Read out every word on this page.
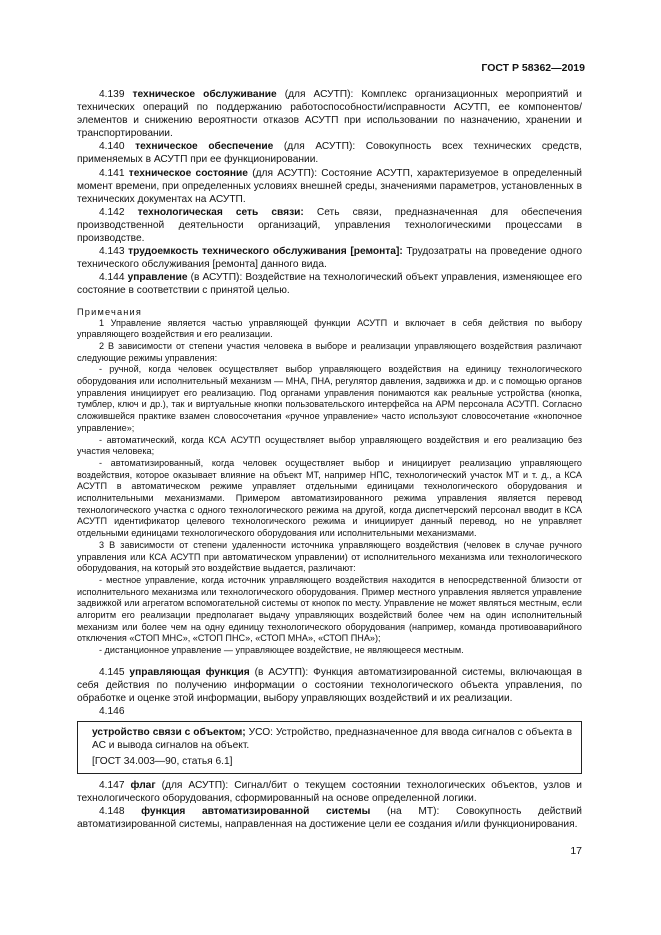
ГОСТ Р 58362—2019

4.139 техническое обслуживание (для АСУТП): Комплекс организационных мероприятий и технических операций по поддержанию работоспособности/исправности АСУТП, ее компонентов/элементов и снижению вероятности отказов АСУТП при использовании по назначению, хранении и транспортировании.

4.140 техническое обеспечение (для АСУТП): Совокупность всех технических средств, применяемых в АСУТП при ее функционировании.

4.141 техническое состояние (для АСУТП): Состояние АСУТП, характеризуемое в определенный момент времени, при определенных условиях внешней среды, значениями параметров, установленных в технических документах на АСУТП.

4.142 технологическая сеть связи: Сеть связи, предназначенная для обеспечения производственной деятельности организаций, управления технологическими процессами в производстве.

4.143 трудоемкость технического обслуживания [ремонта]: Трудозатраты на проведение одного технического обслуживания [ремонта] данного вида.

4.144 управление (в АСУТП): Воздействие на технологический объект управления, изменяющее его состояние в соответствии с принятой целью.

Примечания

1 Управление является частью управляющей функции АСУТП и включает в себя действия по выбору управляющего воздействия и его реализации.

2 В зависимости от степени участия человека в выборе и реализации управляющего воздействия различают следующие режимы управления:

- ручной, когда человек осуществляет выбор управляющего воздействия на единицу технологического оборудования или исполнительный механизм — МНА, ПНА, регулятор давления, задвижка и др. и с помощью органов управления инициирует его реализацию. Под органами управления понимаются как реальные устройства (кнопка, тумблер, ключ и др.), так и виртуальные кнопки пользовательского интерфейса на АРМ персонала АСУТП. Согласно сложившейся практике взамен словосочетания «ручное управление» часто используют словосочетание «кнопочное управление»;

- автоматический, когда КСА АСУТП осуществляет выбор управляющего воздействия и его реализацию без участия человека;

- автоматизированный, когда человек осуществляет выбор и инициирует реализацию управляющего воздействия, которое оказывает влияние на объект МТ, например НПС, технологический участок МТ и т. д., а КСА АСУТП в автоматическом режиме управляет отдельными единицами технологического оборудования и исполнительными механизмами. Примером автоматизированного режима управления является перевод технологического участка с одного технологического режима на другой, когда диспетчерский персонал вводит в КСА АСУТП идентификатор целевого технологического режима и инициирует данный перевод, но не управляет отдельными единицами технологического оборудования или исполнительными механизмами.

3 В зависимости от степени удаленности источника управляющего воздействия (человек в случае ручного управления или КСА АСУТП при автоматическом управлении) от исполнительного механизма или технологического оборудования, на который это воздействие выдается, различают:

- местное управление, когда источник управляющего воздействия находится в непосредственной близости от исполнительного механизма или технологического оборудования. Пример местного управления является управление задвижкой или агрегатом вспомогательной системы от кнопок по месту. Управление не может являться местным, если алгоритм его реализации предполагает выдачу управляющих воздействий более чем на один исполнительный механизм или более чем на одну единицу технологического оборудования (например, команда противоаварийного отключения «СТОП МНС», «СТОП ПНС», «СТОП МНА», «СТОП ПНА»);

- дистанционное управление — управляющее воздействие, не являющееся местным.

4.145 управляющая функция (в АСУТП): Функция автоматизированной системы, включающая в себя действия по получению информации о состоянии технологического объекта управления, по обработке и оценке этой информации, выбору управляющих воздействий и их реализации.

4.146

устройство связи с объектом; УСО: Устройство, предназначенное для ввода сигналов с объекта в АС и вывода сигналов на объект.

[ГОСТ 34.003—90, статья 6.1]

4.147 флаг (для АСУТП): Сигнал/бит о текущем состоянии технологических объектов, узлов и технологического оборудования, сформированный на основе определенной логики.

4.148 функция автоматизированной системы (на МТ): Совокупность действий автоматизированной системы, направленная на достижение цели ее создания и/или функционирования.

17
